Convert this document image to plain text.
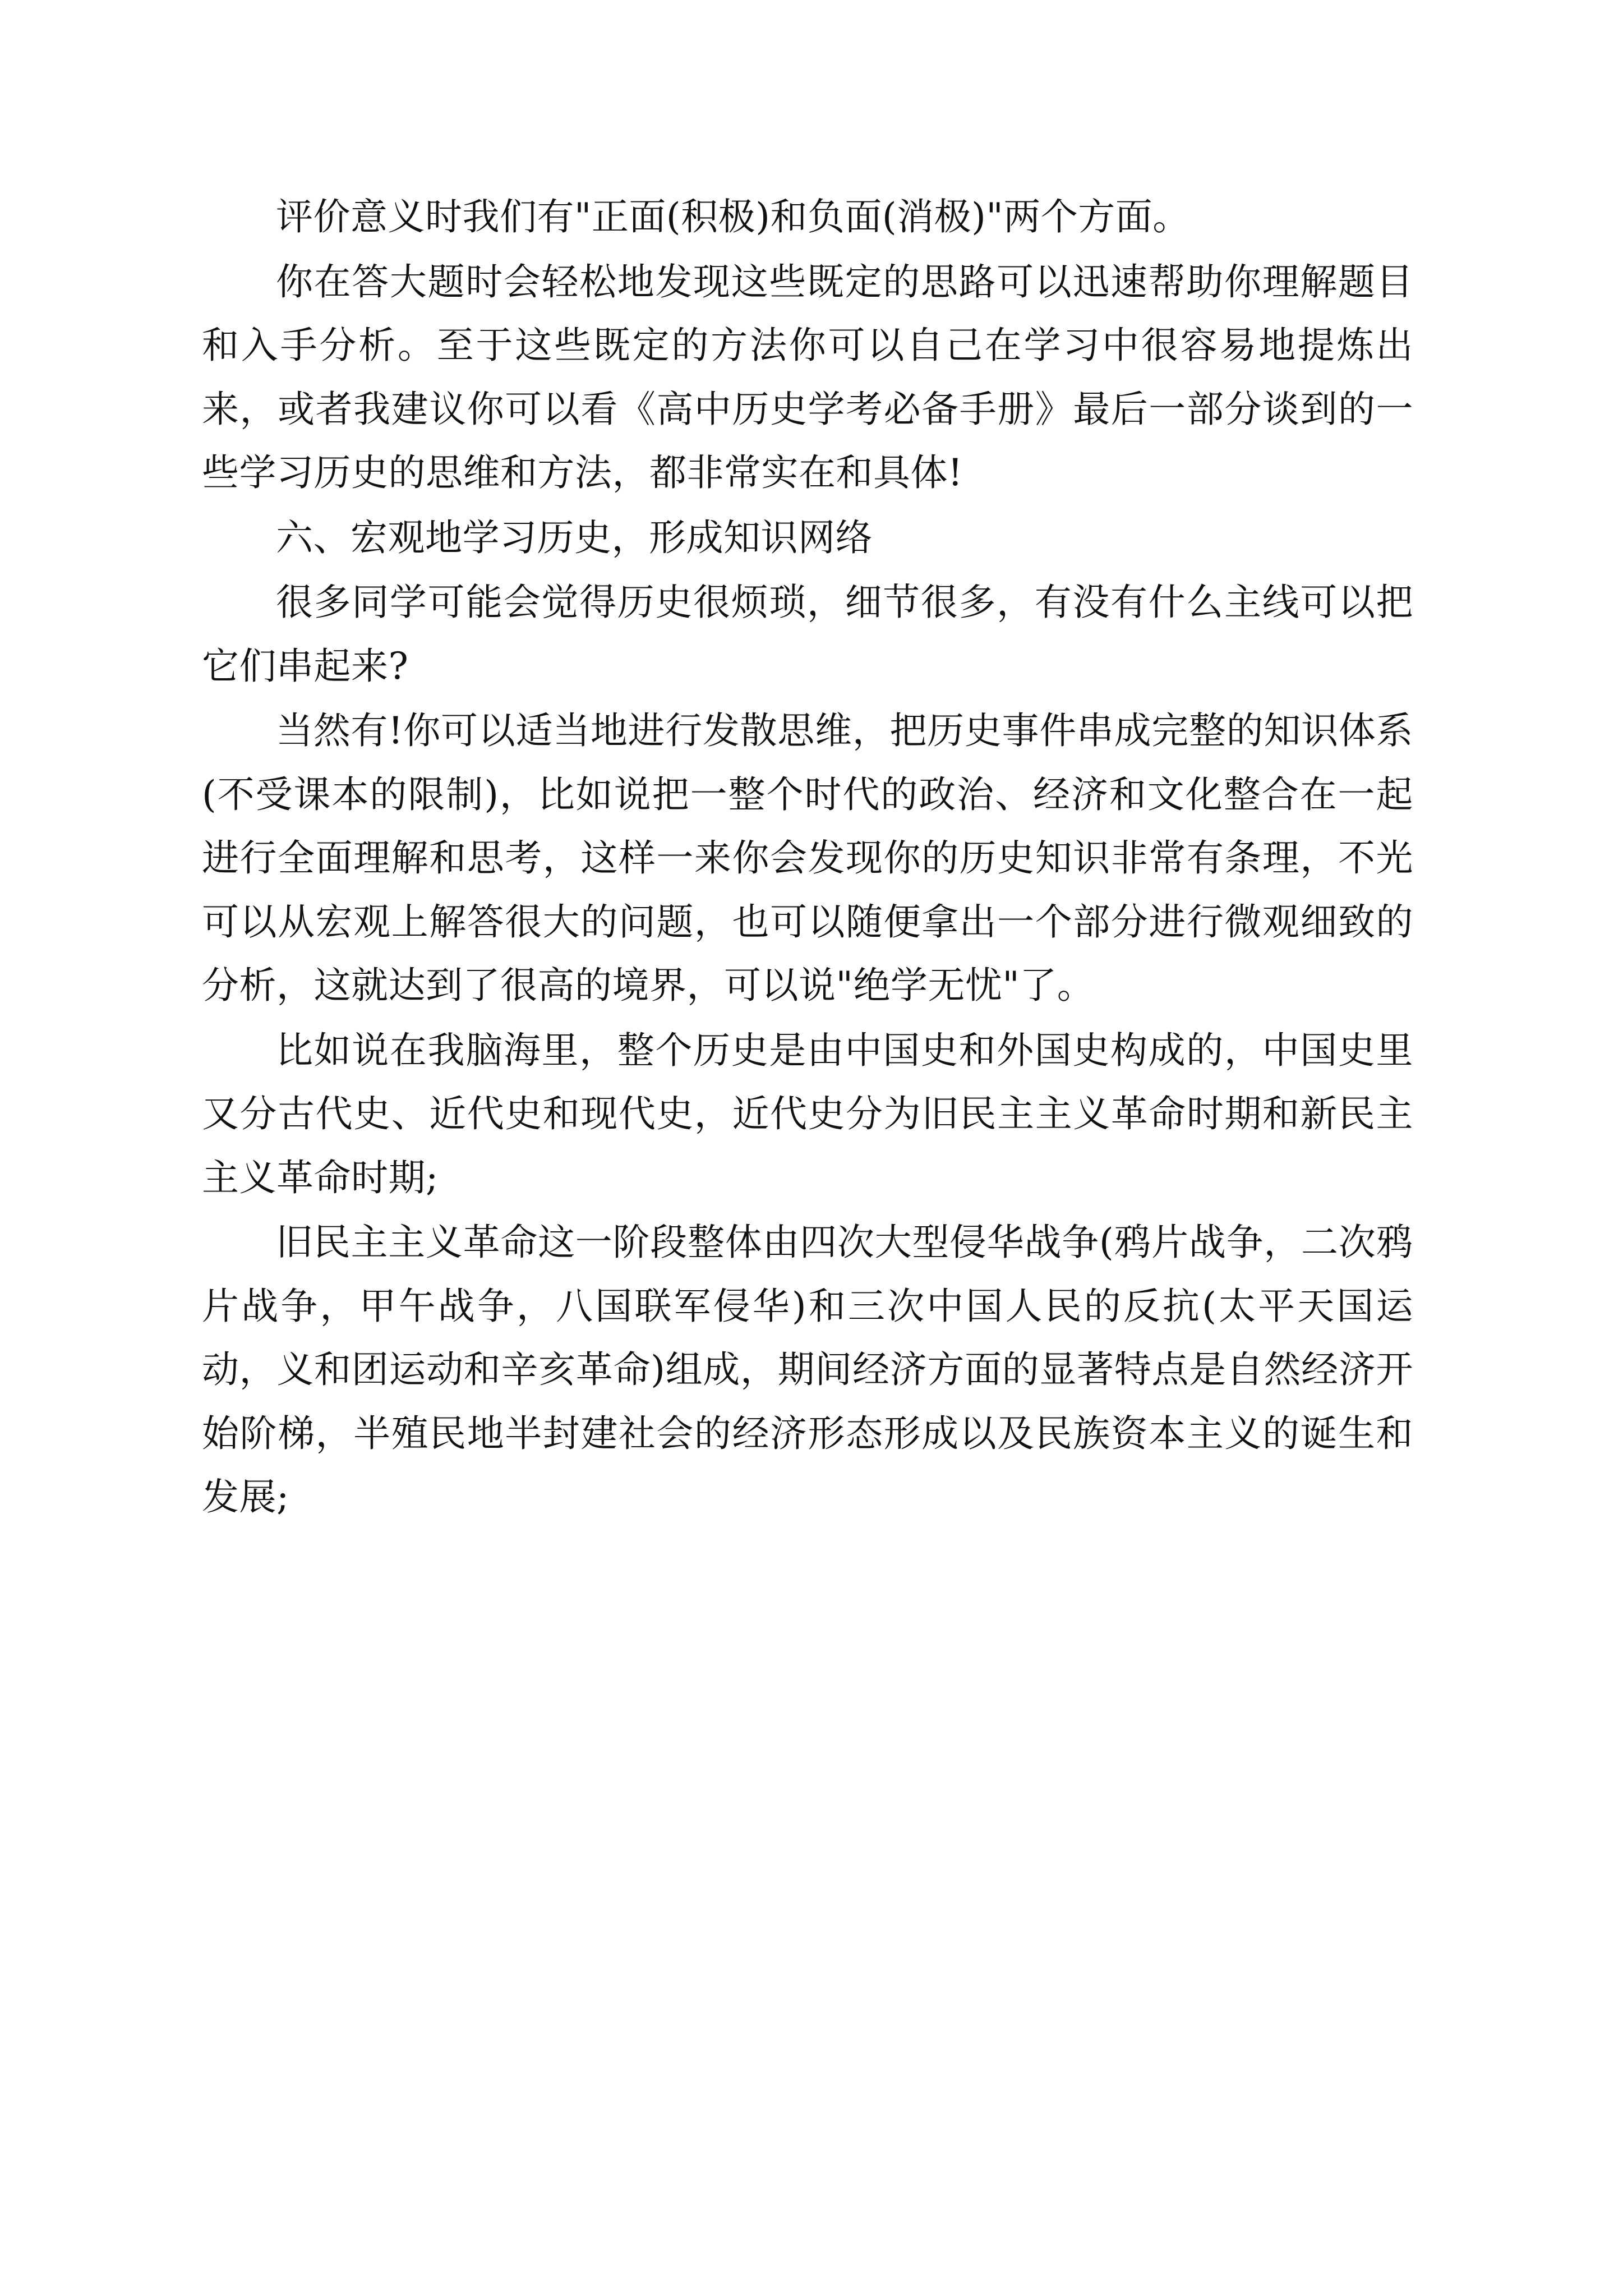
评价意义时我们有"正面(积极)和负面(消极)"两个方面。

你在答大题时会轻松地发现这些既定的思路可以迅速帮助你理解题目和入手分析。至于这些既定的方法你可以自己在学习中很容易地提炼出来，或者我建议你可以看《高中历史学考必备手册》最后一部分谈到的一些学习历史的思维和方法，都非常实在和具体!

六、宏观地学习历史，形成知识网络

很多同学可能会觉得历史很烦琐，细节很多，有没有什么主线可以把它们串起来?

当然有!你可以适当地进行发散思维，把历史事件串成完整的知识体系(不受课本的限制)，比如说把一整个时代的政治、经济和文化整合在一起进行全面理解和思考，这样一来你会发现你的历史知识非常有条理，不光可以从宏观上解答很大的问题，也可以随便拿出一个部分进行微观细致的分析，这就达到了很高的境界，可以说"绝学无忧"了。

比如说在我脑海里，整个历史是由中国史和外国史构成的，中国史里又分古代史、近代史和现代史，近代史分为旧民主主义革命时期和新民主主义革命时期;

旧民主主义革命这一阶段整体由四次大型侵华战争(鸦片战争，二次鸦片战争，甲午战争，八国联军侵华)和三次中国人民的反抗(太平天国运动，义和团运动和辛亥革命)组成，期间经济方面的显著特点是自然经济开始阶梯，半殖民地半封建社会的经济形态形成以及民族资本主义的诞生和发展;
